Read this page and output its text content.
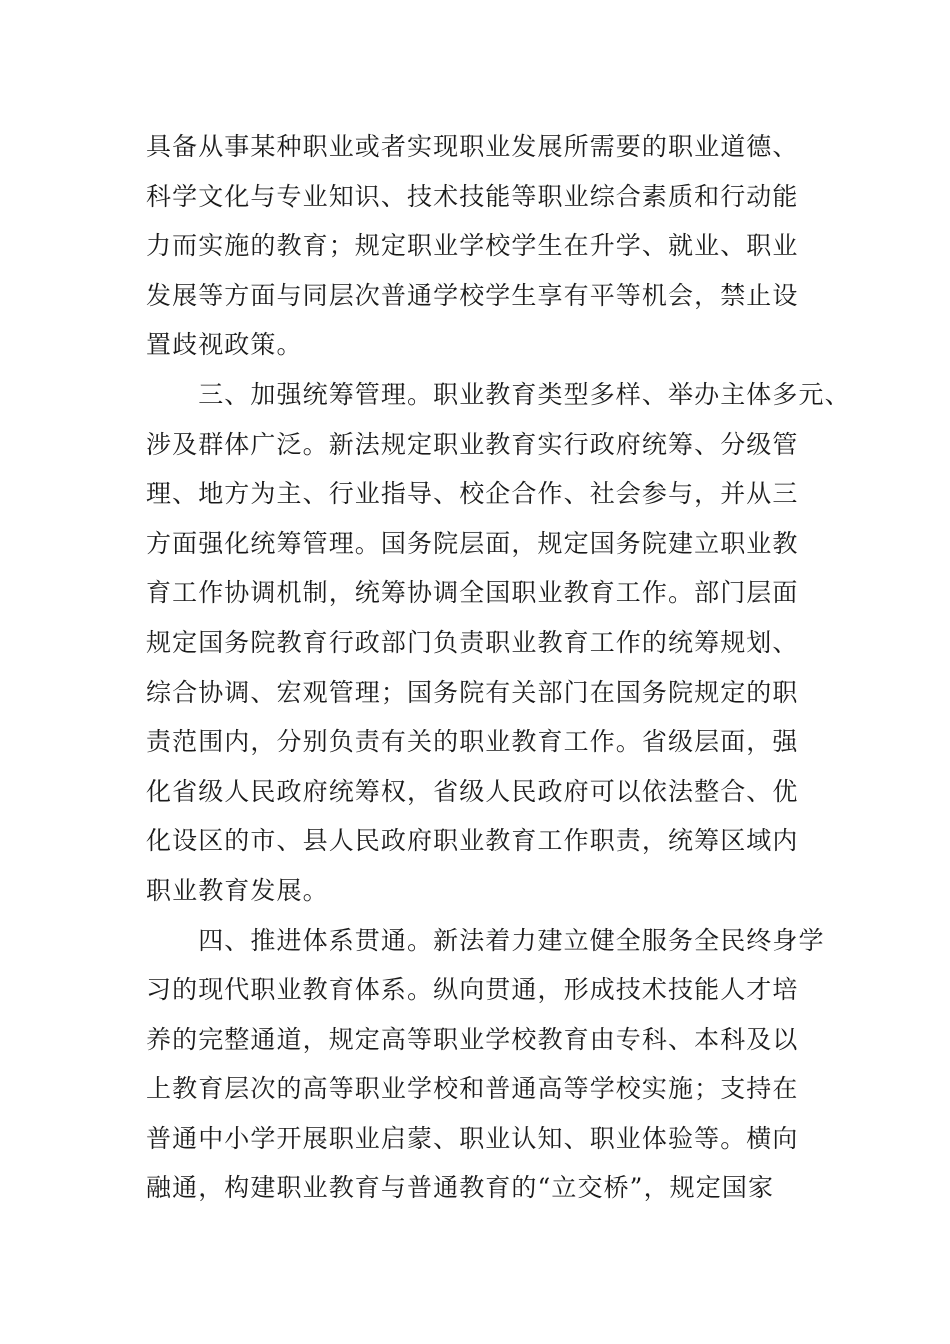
具备从事某种职业或者实现职业发展所需要的职业道德、
科学文化与专业知识、技术技能等职业综合素质和行动能
力而实施的教育；规定职业学校学生在升学、就业、职业
发展等方面与同层次普通学校学生享有平等机会，禁止设
置歧视政策。
　　三、加强统筹管理。职业教育类型多样、举办主体多元、
涉及群体广泛。新法规定职业教育实行政府统筹、分级管
理、地方为主、行业指导、校企合作、社会参与，并从三
方面强化统筹管理。国务院层面，规定国务院建立职业教
育工作协调机制，统筹协调全国职业教育工作。部门层面
规定国务院教育行政部门负责职业教育工作的统筹规划、
综合协调、宏观管理；国务院有关部门在国务院规定的职
责范围内，分别负责有关的职业教育工作。省级层面，强
化省级人民政府统筹权，省级人民政府可以依法整合、优
化设区的市、县人民政府职业教育工作职责，统筹区域内
职业教育发展。
　　四、推进体系贯通。新法着力建立健全服务全民终身学
习的现代职业教育体系。纵向贯通，形成技术技能人才培
养的完整通道，规定高等职业学校教育由专科、本科及以
上教育层次的高等职业学校和普通高等学校实施；支持在
普通中小学开展职业启蒙、职业认知、职业体验等。横向
融通，构建职业教育与普通教育的“立交桥”，规定国家
